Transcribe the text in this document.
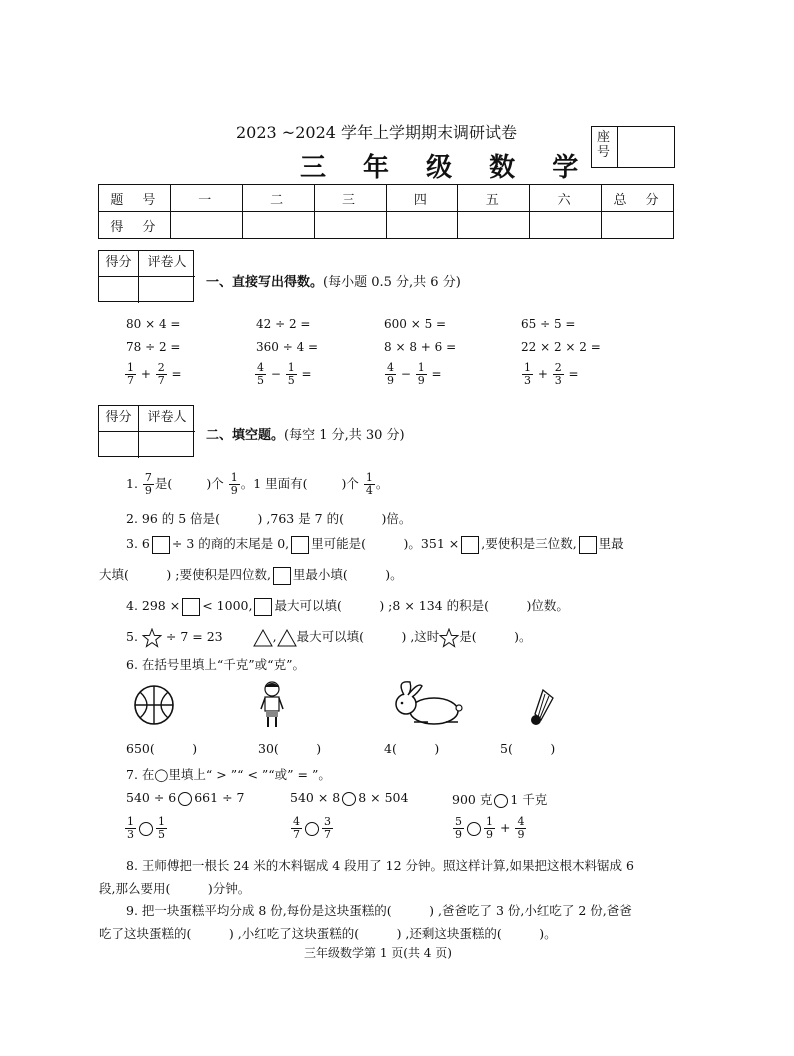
2023 ~2024 学年上学期期末调研试卷
三 年 级 数 学
座号
题　号	一	二	三	四	五	六	总　分
得　分							
得分	评卷人
一、直接写出得数。(每小题 0.5 分,共 6 分)
80 × 4 =	42 ÷ 2 =	600 × 5 =	65 ÷ 5 =
78 ÷ 2 =	360 ÷ 4 =	8 × 8 + 6 =	22 × 2 × 2 =
$\frac{1}{7} + \frac{2}{7}$ =	$\frac{4}{5} - \frac{1}{5}$ =	$\frac{4}{9} - \frac{1}{9}$ =	$\frac{1}{3} + \frac{2}{3}$ =
得分	评卷人
二、填空题。(每空 1 分,共 30 分)
1. $\frac{7}{9}$ 是(	)个 $\frac{1}{9}$ 。1 里面有(	)个 $\frac{1}{4}$ 。
2. 96 的 5 倍是(　　　) ,763 是 7 的(　　　)倍。
3. 6 ÷ 3 的商的末尾是 0, 里可能是(　　　)。351 × ,要使积是三位数, 里最
大填(　　　) ;要使积是四位数, 里最小填(　　　)。
4. 298 × < 1000, 最大可以填(　　　) ;8 × 134 的积是(　　　)位数。
5. ÷ 7 = 23	, 最大可以填(　　　) ,这时 是(　　　)。
6. 在括号里填上“千克”或“克”。
650(　　　)	30(　　　)	4(　　　)	5(　　　)
7. 在◯里填上“ > ”“ < ”“或” = ”。
540 ÷ 6 661 ÷ 7	540 × 8 8 × 504	900 克 1 千克
$\frac{1}{3} \frac{1}{5}$	$\frac{4}{7} \frac{3}{7}$	$\frac{5}{9} \frac{1}{9} + \frac{4}{9}$
8. 王师傅把一根长 24 米的木料锯成 4 段用了 12 分钟。照这样计算,如果把这根木料锯成 6
段,那么要用(　　　)分钟。
9. 把一块蛋糕平均分成 8 份,每份是这块蛋糕的(　　　) ,爸爸吃了 3 份,小红吃了 2 份,爸爸
吃了这块蛋糕的(　　　) ,小红吃了这块蛋糕的(　　　) ,还剩这块蛋糕的(　　　)。
三年级数学第 1 页(共 4 页)
